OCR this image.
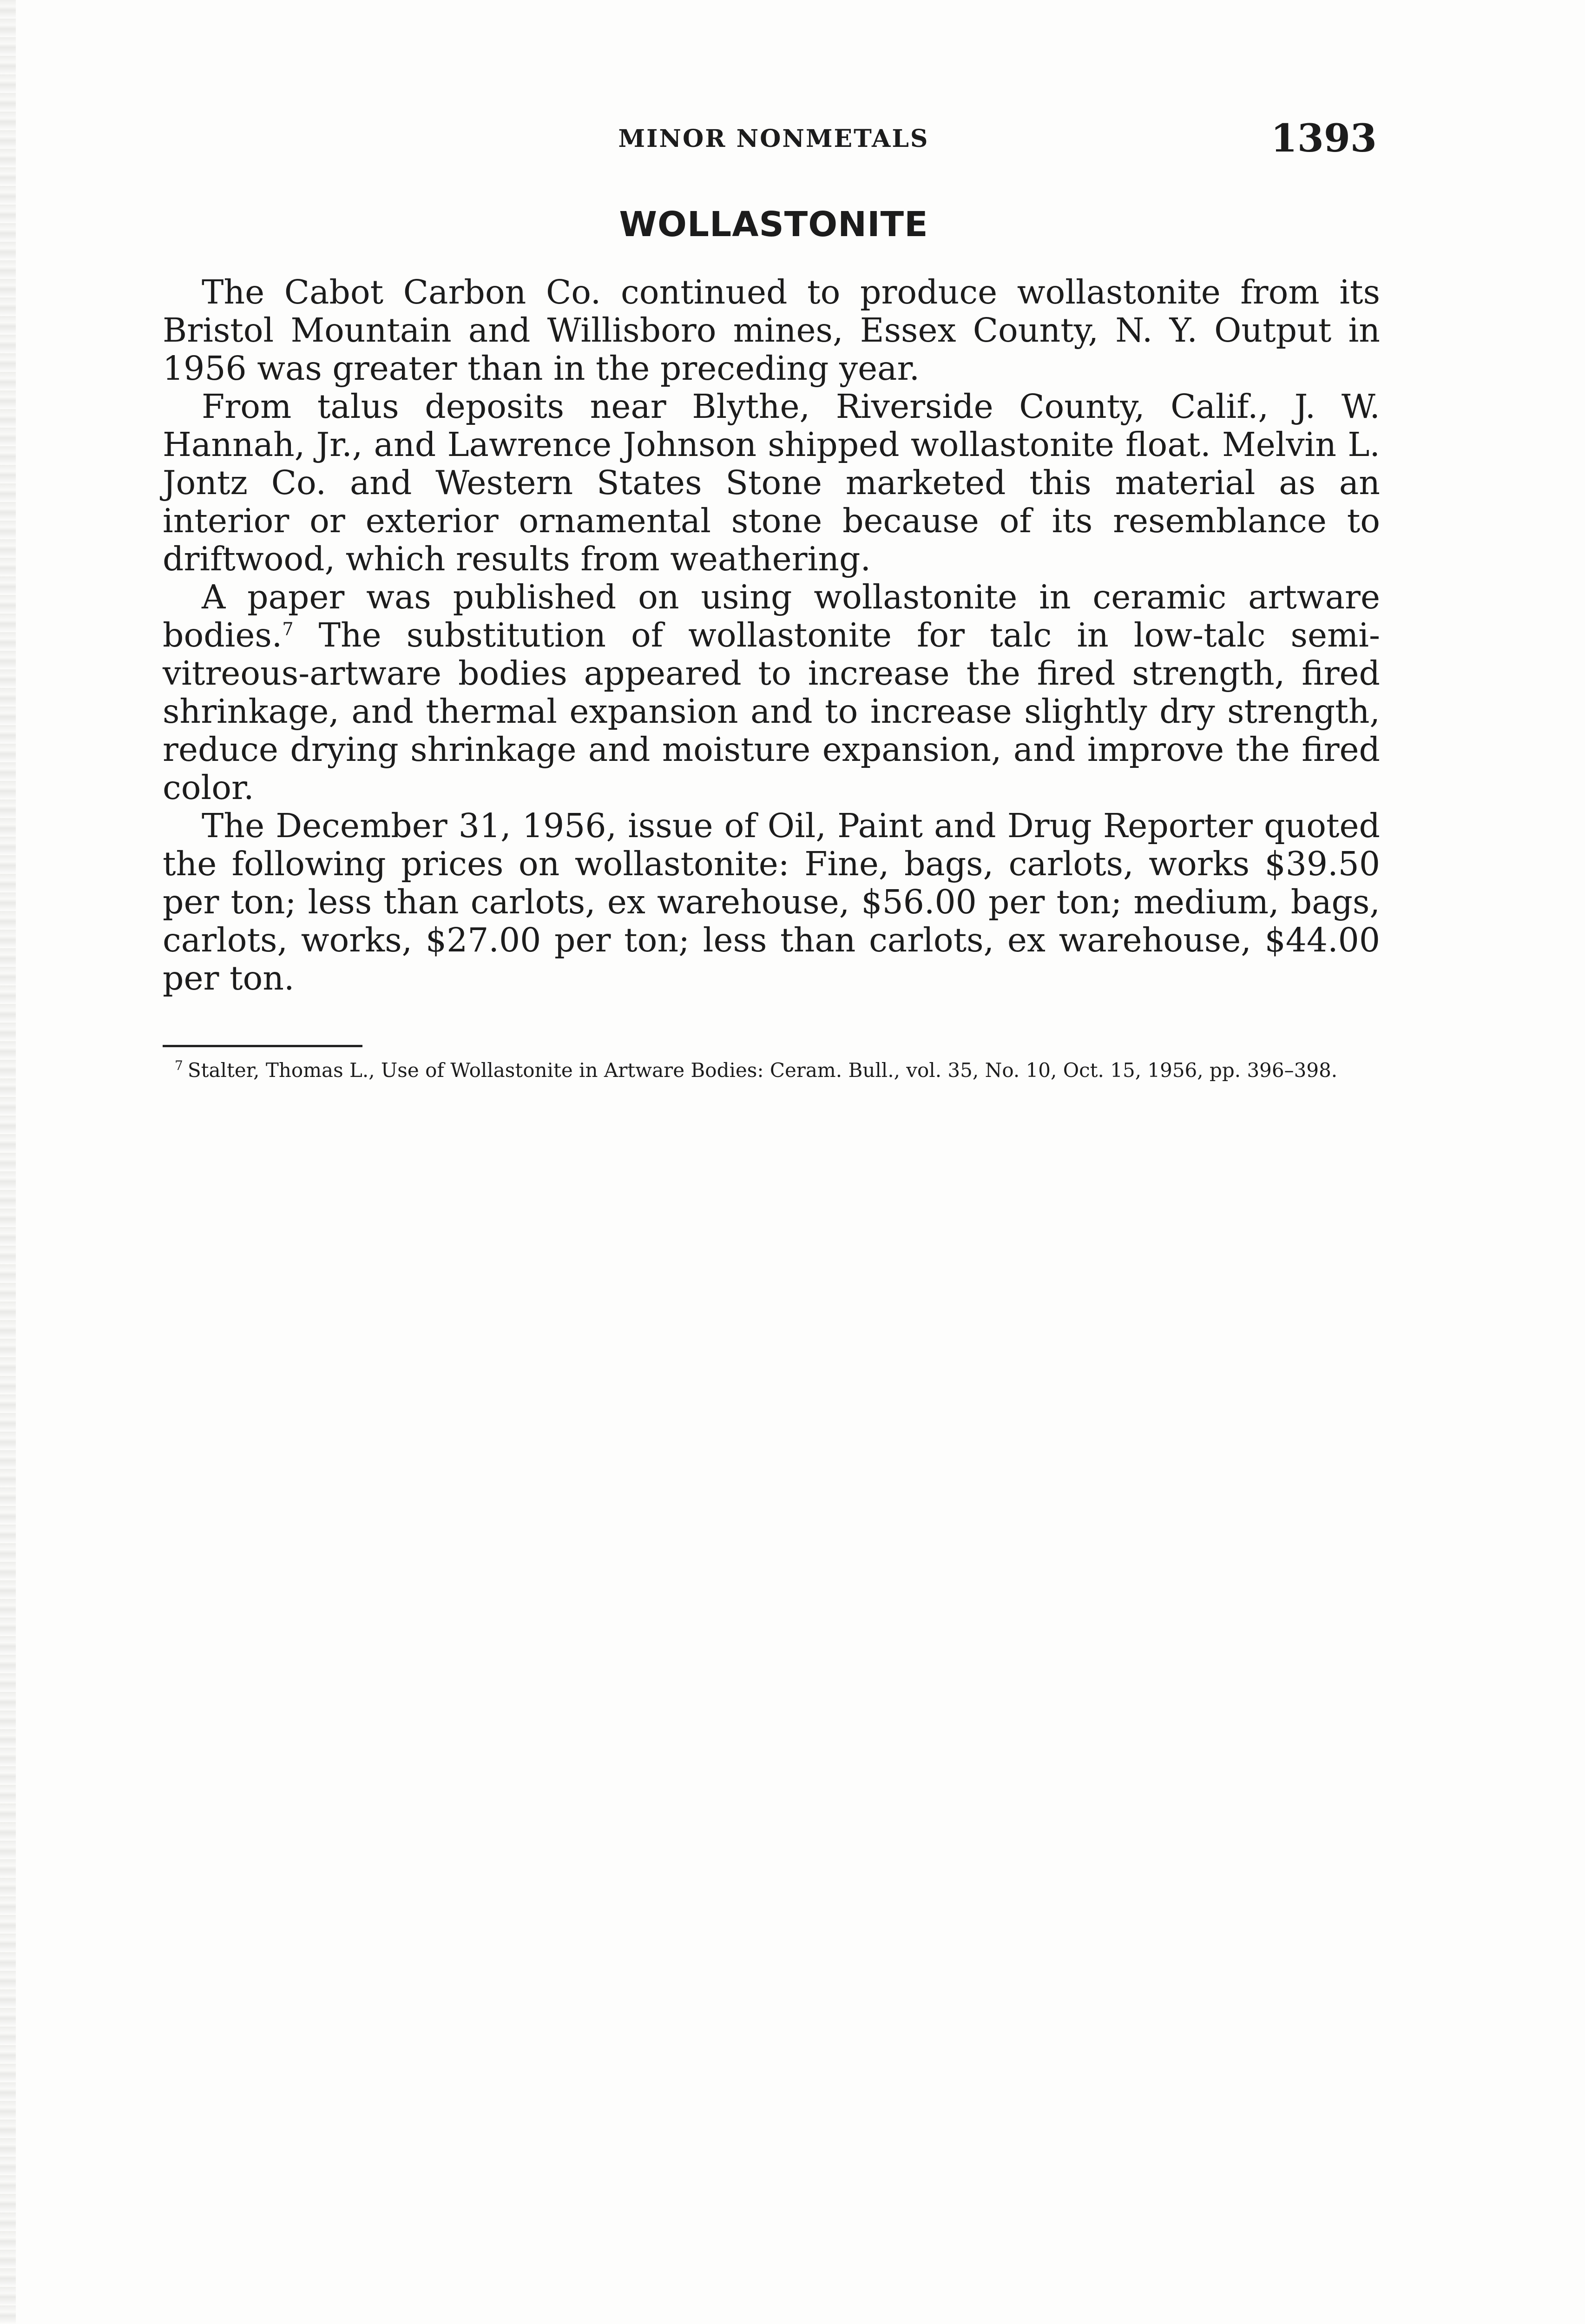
MINOR NONMETALS	1393
WOLLASTONITE

The Cabot Carbon Co. continued to produce wollastonite from its Bristol Mountain and Willisboro mines, Essex County, N. Y. Output in 1956 was greater than in the preceding year.

From talus deposits near Blythe, Riverside County, Calif., J. W. Hannah, Jr., and Lawrence Johnson shipped wollastonite float. Melvin L. Jontz Co. and Western States Stone marketed this material as an interior or exterior ornamental stone because of its resemblance to driftwood, which results from weathering.

A paper was published on using wollastonite in ceramic artware bodies.$^7$ The substitution of wollastonite for talc in low-talc semi-vitreous-artware bodies appeared to increase the fired strength, fired shrinkage, and thermal expansion and to increase slightly dry strength, reduce drying shrinkage and moisture expansion, and improve the fired color.

The December 31, 1956, issue of Oil, Paint and Drug Reporter quoted the following prices on wollastonite: Fine, bags, carlots, works $39.50 per ton; less than carlots, ex warehouse, $56.00 per ton; medium, bags, carlots, works, $27.00 per ton; less than carlots, ex warehouse, $44.00 per ton.

$^7$ Stalter, Thomas L., Use of Wollastonite in Artware Bodies: Ceram. Bull., vol. 35, No. 10, Oct. 15, 1956, pp. 396–398.
